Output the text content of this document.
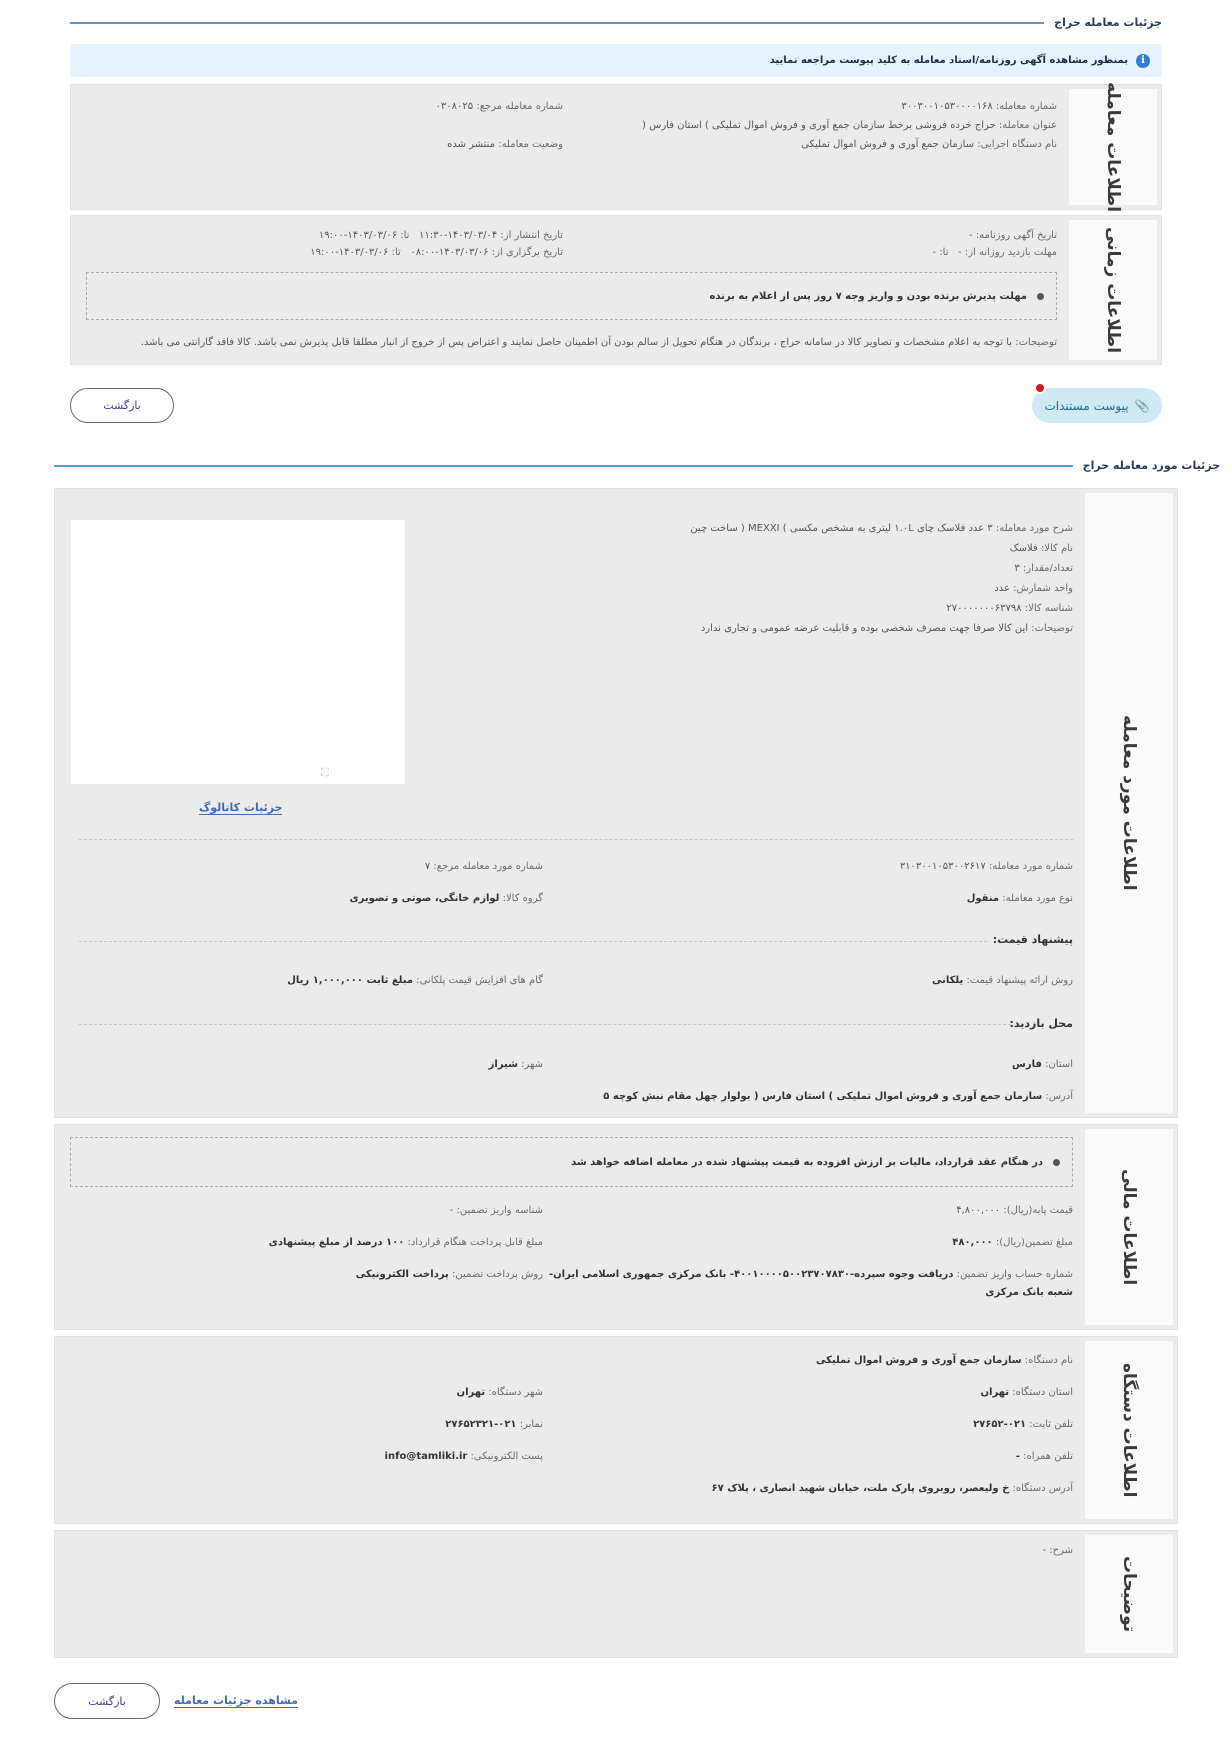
جزئیات معامله حراج
i
بمنظور مشاهده آگهی روزنامه/اسناد معامله به کلید پیوست مراجعه نمایید
اطلاعات معامله
شماره معامله: ۳۰۰۳۰۰۱۰۵۳۰۰۰۰۱۶۸
عنوان معامله: حراج خرده فروشی برخط سازمان جمع آوری و فروش اموال تملیکی ) استان فارس (
نام دستگاه اجرایی: سازمان جمع آوری و فروش اموال تملیکی
شماره معامله مرجع: ۰۳۰۸۰۲۵
وضعیت معامله: منتشر شده
اطلاعات زمانی
تاریخ آگهی روزنامه: -
مهلت بازدید روزانه از: -   تا: -
تاریخ انتشار از: ۱۴۰۳/۰۳/۰۴-۱۱:۳۰   تا: ۱۴۰۳/۰۳/۰۶-۱۹:۰۰
تاریخ برگزاری از: ۱۴۰۳/۰۳/۰۶-۰۸:۰۰   تا: ۱۴۰۳/۰۳/۰۶-۱۹:۰۰
مهلت پذیرش برنده بودن و واریز وجه ۷ روز پس از اعلام به برنده
توضیحات: با توجه به اعلام مشخصات و تصاویر کالا در سامانه حراج ، برندگان در هنگام تحویل از سالم بودن آن اطمینان حاصل نمایند و اعتراض پس از خروج از انبار مطلقا قابل پذیرش نمی باشد. کالا فاقد گارانتی می باشد.
📎
پیوست مستندات
بازگشت
جزئیات مورد معامله حراج
اطلاعات مورد معامله
شرح مورد معامله: ۳ عدد فلاسک چای ۱.۰L لیتری به مشخص مکسی ) MEXXI ( ساخت چین
نام کالا: فلاسک
تعداد/مقدار: ۳
واحد شمارش: عدد
شناسه کالا: ۲۷۰۰۰۰۰۰۰۶۳۷۹۸
توضیحات: این کالا صرفا جهت مصرف شخصی بوده و قابلیت عرضه عمومی و تجاری ندارد
⛶
جزئیات کاتالوگ
شماره مورد معامله: ۳۱۰۳۰۰۱۰۵۳۰۰۲۶۱۷
شماره مورد معامله مرجع: ۷
نوع مورد معامله: منقول
گروه کالا: لوازم خانگی، صوتی و تصویری
پیشنهاد قیمت:
روش ارائه پیشنهاد قیمت: یلکانی
گام های افزایش قیمت پلکانی: مبلغ ثابت ۱,۰۰۰,۰۰۰ ریال
محل بازدید:
استان: فارس
شهر: شیراز
آدرس: سازمان جمع آوری و فروش اموال تملیکی ) استان فارس ( بولوار چهل مقام نبش کوچه ۵
اطلاعات مالی
در هنگام عقد قرارداد، مالیات بر ارزش افزوده به قیمت پیشنهاد شده در معامله اضافه خواهد شد
قیمت پایه(ریال): ۴,۸۰۰,۰۰۰
شناسه واریز تضمین: -
مبلغ تضمین(ریال): ۴۸۰,۰۰۰
مبلغ قابل پرداخت هنگام قرارداد: ۱۰۰ درصد از مبلغ پیشنهادی
شماره حساب واریز تضمین: دریافت وجوه سپرده-۴۰۰۱۰۰۰۰۵۰۰۲۳۷۰۷۸۳۰- بانک مرکزی جمهوری اسلامی ایران-
شعبه بانک مرکزی
روش پرداخت تضمین: پرداخت الکترونیکی
اطلاعات دستگاه
نام دستگاه: سازمان جمع آوری و فروش اموال تملیکی
استان دستگاه: تهران
شهر دستگاه: تهران
تلفن ثابت: ۰۲۱-۲۷۶۵۲
نمابر: ۰۲۱-۲۷۶۵۲۳۲۱
تلفن همراه: -
پست الکترونیکی: info@tamliki.ir
آدرس دستگاه: خ ولیعصر، روبروی پارک ملت، خیابان شهید انصاری ، پلاک ۶۷
توضیحات
شرح: -
بازگشت	مشاهده جزئیات معامله
